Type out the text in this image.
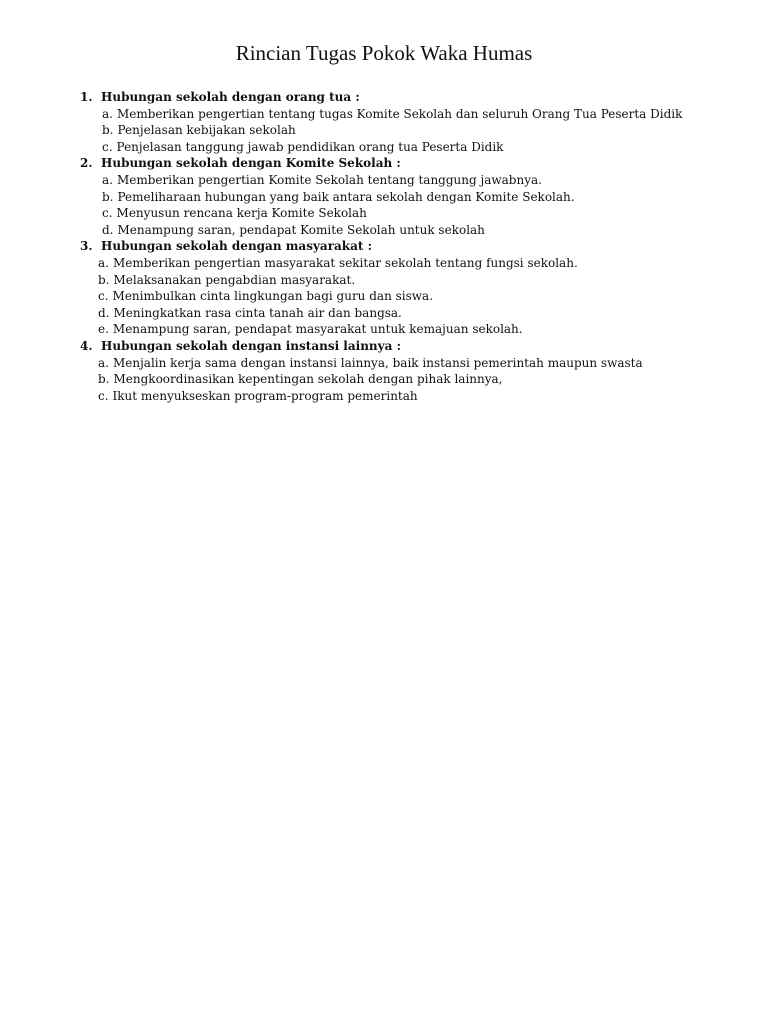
Rincian Tugas Pokok Waka Humas
1. Hubungan sekolah dengan orang tua :
a. Memberikan pengertian tentang tugas Komite Sekolah dan seluruh Orang Tua Peserta Didik
b. Penjelasan kebijakan sekolah
c. Penjelasan tanggung jawab pendidikan orang tua Peserta Didik
2. Hubungan sekolah dengan Komite Sekolah :
a. Memberikan pengertian Komite Sekolah tentang tanggung jawabnya.
b. Pemeliharaan hubungan yang baik antara sekolah dengan Komite Sekolah.
c. Menyusun rencana kerja Komite Sekolah
d. Menampung saran, pendapat Komite Sekolah untuk sekolah
3. Hubungan sekolah dengan masyarakat :
a. Memberikan pengertian masyarakat sekitar sekolah tentang fungsi sekolah.
b. Melaksanakan pengabdian masyarakat.
c. Menimbulkan cinta lingkungan bagi guru dan siswa.
d. Meningkatkan rasa cinta tanah air dan bangsa.
e. Menampung saran, pendapat masyarakat untuk kemajuan sekolah.
4. Hubungan sekolah dengan instansi lainnya :
a. Menjalin kerja sama dengan instansi lainnya, baik instansi pemerintah maupun swasta
b. Mengkoordinasikan kepentingan sekolah dengan pihak lainnya,
c. Ikut menyukseskan program-program pemerintah
